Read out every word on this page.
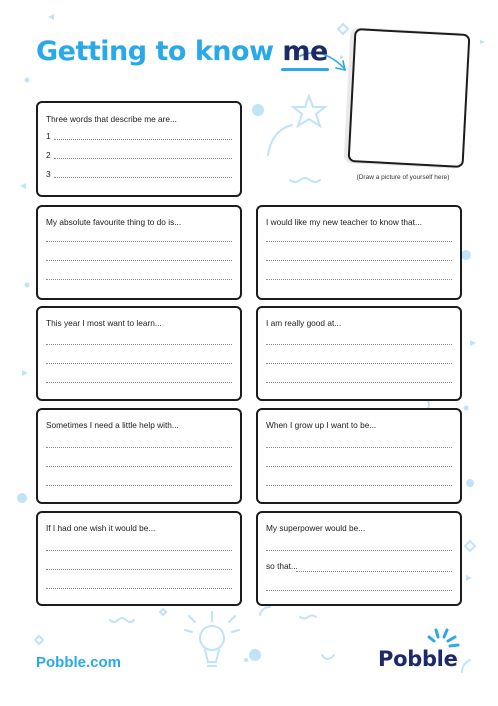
Getting to know me
(Draw a picture of yourself here)
Three words that describe me are...
1
2
3
My absolute favourite thing to do is...	I would like my new teacher to know that...
This year I most want to learn...	I am really good at...
Sometimes I need a little help with...	When I grow up I want to be...
If I had one wish it would be...	My superpower would be...
so that...
Pobble.com	Pobble
